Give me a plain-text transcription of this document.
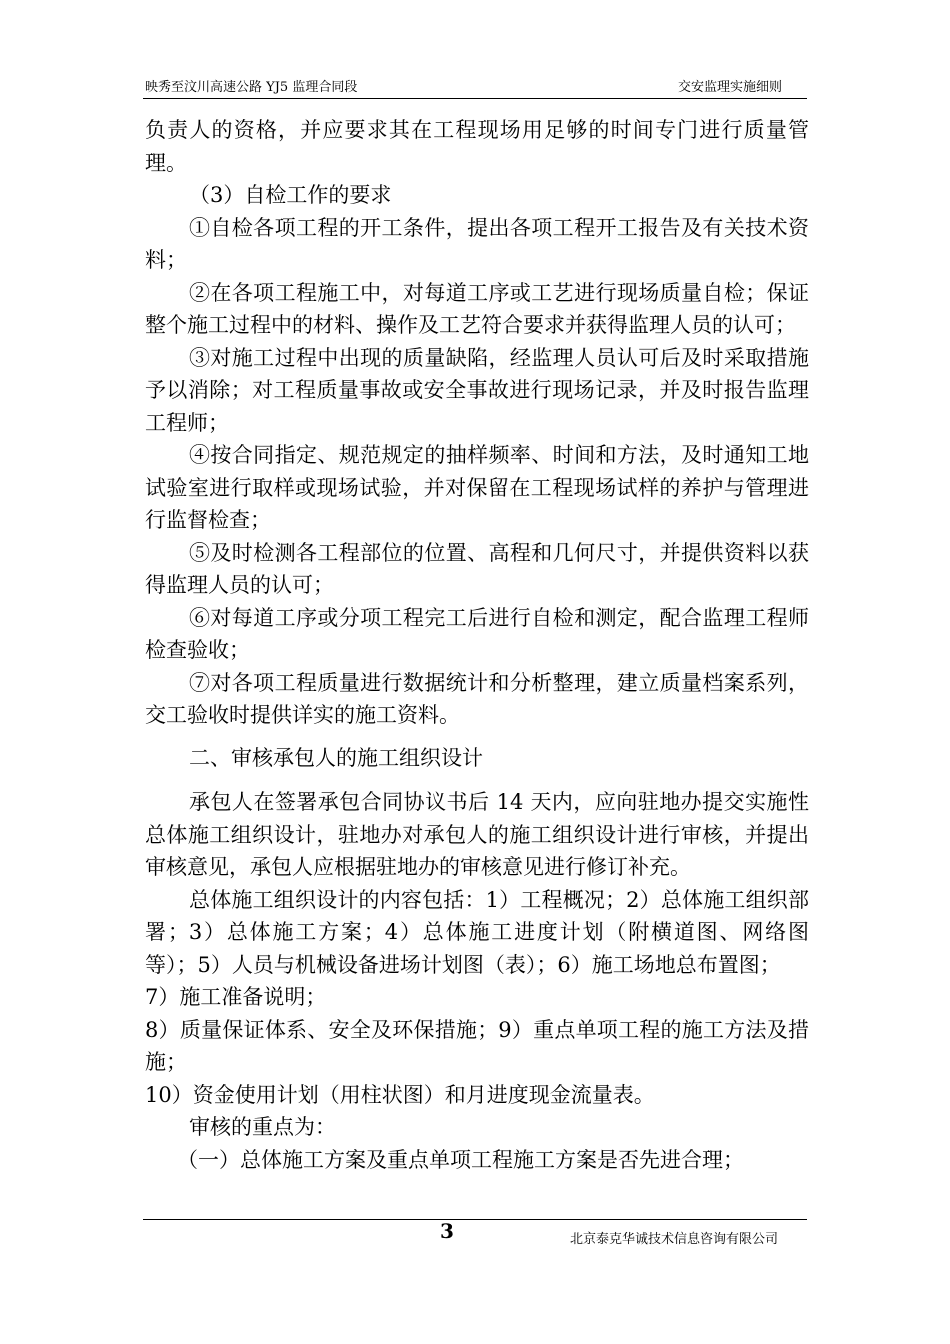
映秀至汶川高速公路 YJ5 监理合同段	交安监理实施细则

负责人的资格，并应要求其在工程现场用足够的时间专门进行质量管理。

（3）自检工作的要求

①自检各项工程的开工条件，提出各项工程开工报告及有关技术资料；

②在各项工程施工中，对每道工序或工艺进行现场质量自检；保证整个施工过程中的材料、操作及工艺符合要求并获得监理人员的认可；

③对施工过程中出现的质量缺陷，经监理人员认可后及时采取措施予以消除；对工程质量事故或安全事故进行现场记录，并及时报告监理工程师；

④按合同指定、规范规定的抽样频率、时间和方法，及时通知工地试验室进行取样或现场试验，并对保留在工程现场试样的养护与管理进行监督检查；

⑤及时检测各工程部位的位置、高程和几何尺寸，并提供资料以获得监理人员的认可；

⑥对每道工序或分项工程完工后进行自检和测定，配合监理工程师检查验收；

⑦对各项工程质量进行数据统计和分析整理，建立质量档案系列，交工验收时提供详实的施工资料。

二、审核承包人的施工组织设计

承包人在签署承包合同协议书后 14 天内，应向驻地办提交实施性总体施工组织设计，驻地办对承包人的施工组织设计进行审核，并提出审核意见，承包人应根据驻地办的审核意见进行修订补充。

总体施工组织设计的内容包括：1）工程概况；2）总体施工组织部署；3）总体施工方案；4）总体施工进度计划（附横道图、网络图等）；5）人员与机械设备进场计划图（表）；6）施工场地总布置图；

7）施工准备说明；

8）质量保证体系、安全及环保措施；9）重点单项工程的施工方法及措施；

10）资金使用计划（用柱状图）和月进度现金流量表。

审核的重点为：

（一）总体施工方案及重点单项工程施工方案是否先进合理；

3	北京泰克华诚技术信息咨询有限公司
